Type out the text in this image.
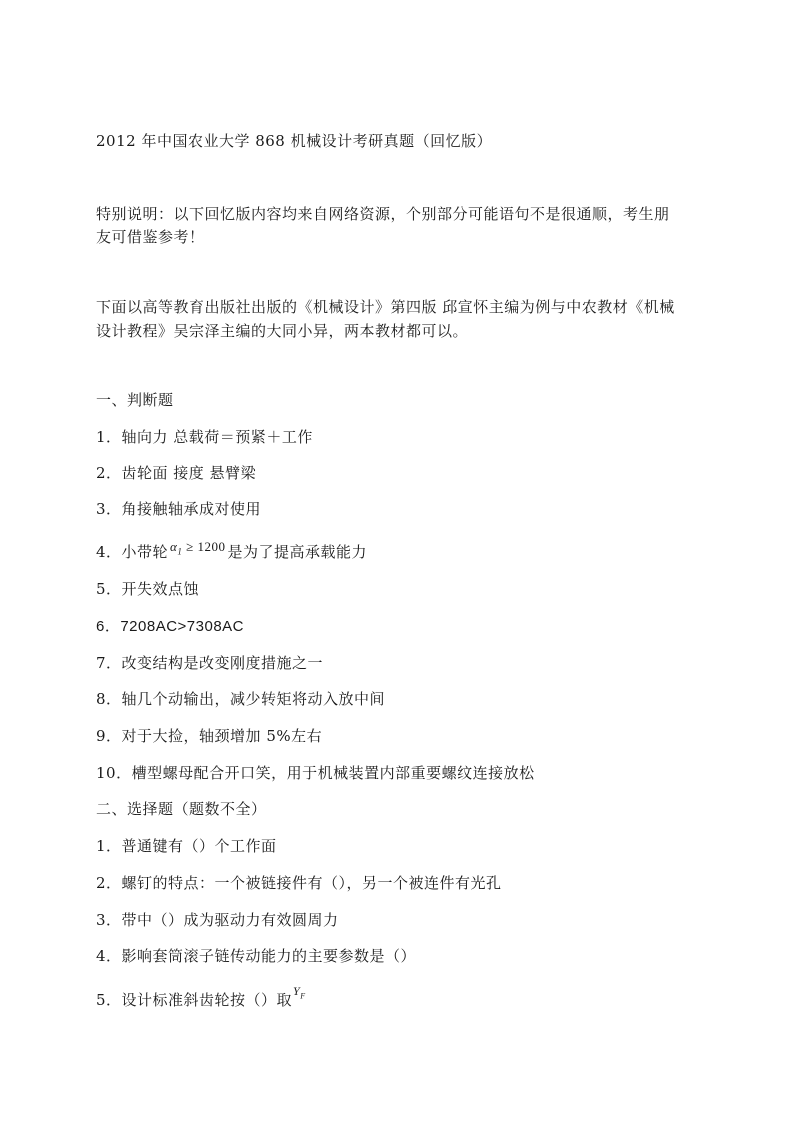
2012 年中国农业大学 868 机械设计考研真题（回忆版）
特别说明：以下回忆版内容均来自网络资源，个别部分可能语句不是很通顺，考生朋
友可借鉴参考！
下面以高等教育出版社出版的《机械设计》第四版 邱宣怀主编为例与中农教材《机械
设计教程》吴宗泽主编的大同小异，两本教材都可以。
一、判断题
1．轴向力 总载荷＝预紧＋工作
2．齿轮面 接度 悬臂梁
3．角接触轴承成对使用
4．小带轮 $\alpha_1 \ge 1200$ 是为了提高承载能力
5．开失效点蚀
6．7208AC>7308AC
7．改变结构是改变刚度措施之一
8．轴几个动输出，减少转矩将动入放中间
9．对于大捡，轴颈增加 5%左右
10．槽型螺母配合开口笑，用于机械装置内部重要螺纹连接放松
二、选择题（题数不全）
1．普通键有（）个工作面
2．螺钉的特点：一个被链接件有（），另一个被连件有光孔
3．带中（）成为驱动力有效圆周力
4．影响套筒滚子链传动能力的主要参数是（）
5．设计标准斜齿轮按（）取$Y_F$
